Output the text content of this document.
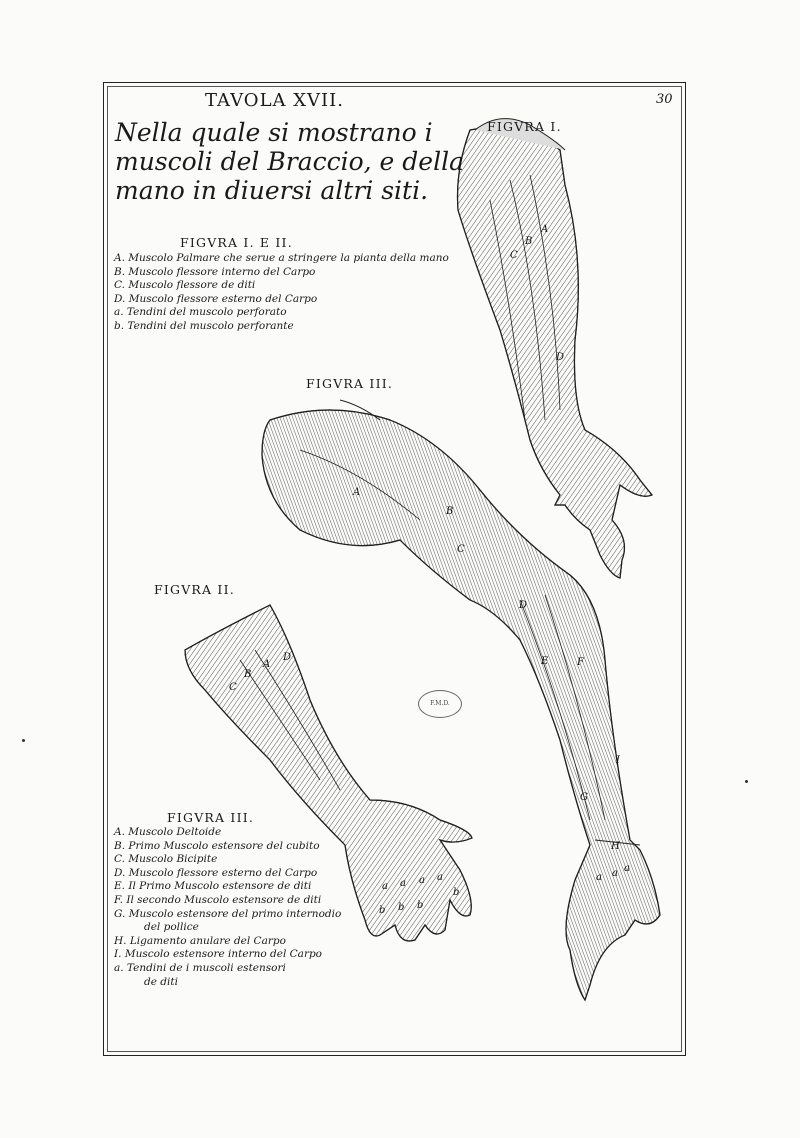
TAVOLA XVII.	30
Nella quale si mostrano i
muscoli del Braccio, e della
mano in diuersi altri siti.
FIGVRA I.
FIGVRA I. E II.
FIGVRA III.
FIGVRA II.
FIGVRA III.
A. Muscolo Palmare che serue a stringere la pianta della mano
B. Muscolo flessore interno del Carpo
C. Muscolo flessore de diti
D. Muscolo flessore esterno del Carpo
a. Tendini del muscolo perforato
b. Tendini del muscolo perforante
A. Muscolo Deltoide
B. Primo Muscolo estensore del cubito
C. Muscolo Bicipite
D. Muscolo flessore esterno del Carpo
E. Il Primo Muscolo estensore de diti
F. Il secondo Muscolo estensore de diti
G. Muscolo estensore del primo internodio
del pollice
H. Ligamento anulare del Carpo
I. Muscolo estensore interno del Carpo
a. Tendini de i muscoli estensori
de diti
A
B
C
D
A
B
C
D
a a a a
b b b
b
A
B
C
D
E	F
G
H
I
a a a
F.M.D.
